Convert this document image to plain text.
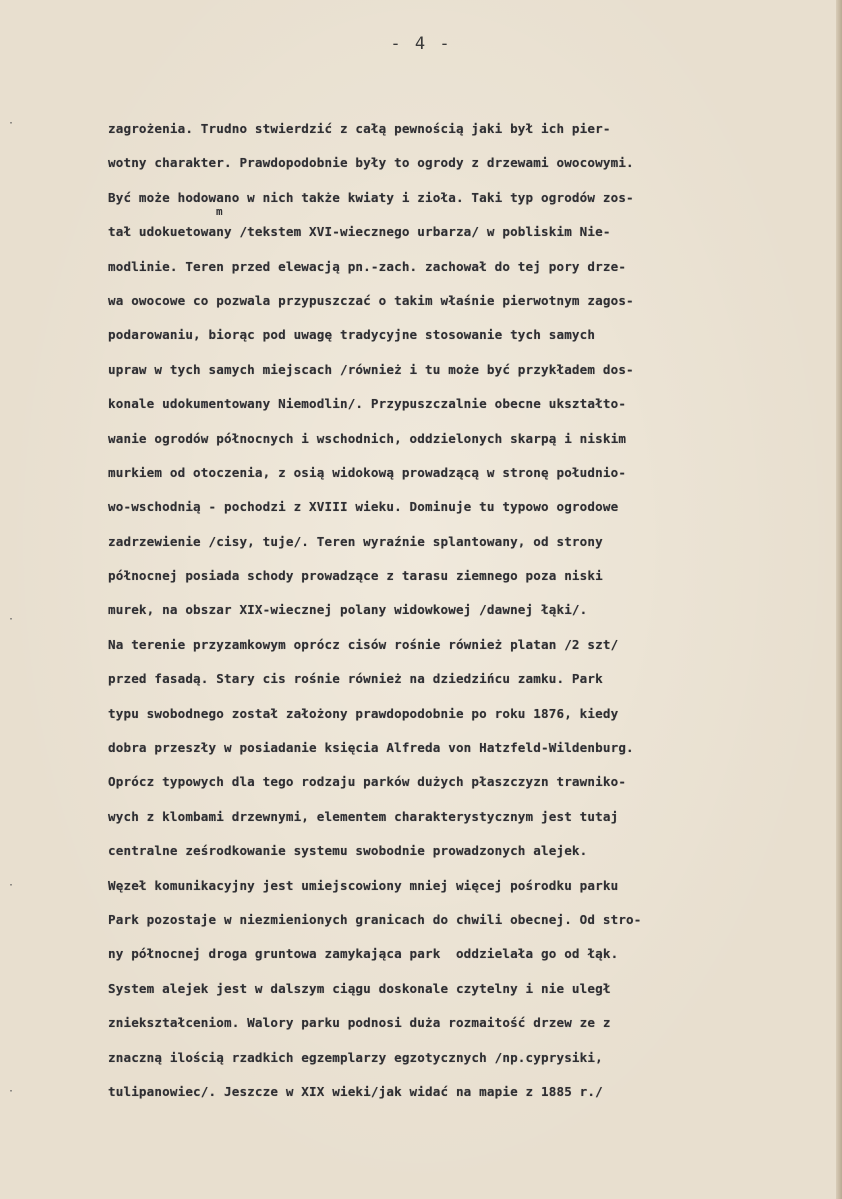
- 4 -
·
·
·
·
m
zagrożenia. Trudno stwierdzić z całą pewnością jaki był ich pier-
wotny charakter. Prawdopodobnie były to ogrody z drzewami owocowymi.
Być może hodowano w nich także kwiaty i zioła. Taki typ ogrodów zos-
tał udokuetowany /tekstem XVI-wiecznego urbarza/ w pobliskim Nie-
modlinie. Teren przed elewacją pn.-zach. zachował do tej pory drze-
wa owocowe co pozwala przypuszczać o takim właśnie pierwotnym zagos-
podarowaniu, biorąc pod uwagę tradycyjne stosowanie tych samych
upraw w tych samych miejscach /również i tu może być przykładem dos-
konale udokumentowany Niemodlin/. Przypuszczalnie obecne ukształto-
wanie ogrodów północnych i wschodnich, oddzielonych skarpą i niskim
murkiem od otoczenia, z osią widokową prowadzącą w stronę południo-
wo-wschodnią - pochodzi z XVIII wieku. Dominuje tu typowo ogrodowe
zadrzewienie /cisy, tuje/. Teren wyraźnie splantowany, od strony
północnej posiada schody prowadzące z tarasu ziemnego poza niski
murek, na obszar XIX-wiecznej polany widowkowej /dawnej łąki/.
Na terenie przyzamkowym oprócz cisów rośnie również platan /2 szt/
przed fasadą. Stary cis rośnie również na dziedzińcu zamku. Park
typu swobodnego został założony prawdopodobnie po roku 1876, kiedy
dobra przeszły w posiadanie księcia Alfreda von Hatzfeld-Wildenburg.
Oprócz typowych dla tego rodzaju parków dużych płaszczyzn trawniko-
wych z klombami drzewnymi, elementem charakterystycznym jest tutaj
centralne ześrodkowanie systemu swobodnie prowadzonych alejek.
Węzeł komunikacyjny jest umiejscowiony mniej więcej pośrodku parku
Park pozostaje w niezmienionych granicach do chwili obecnej. Od stro-
ny północnej droga gruntowa zamykająca park  oddzielała go od łąk.
System alejek jest w dalszym ciągu doskonale czytelny i nie uległ
zniekształceniom. Walory parku podnosi duża rozmaitość drzew ze z
znaczną ilością rzadkich egzemplarzy egzotycznych /np.cyprysiki,
tulipanowiec/. Jeszcze w XIX wieki/jak widać na mapie z 1885 r./
